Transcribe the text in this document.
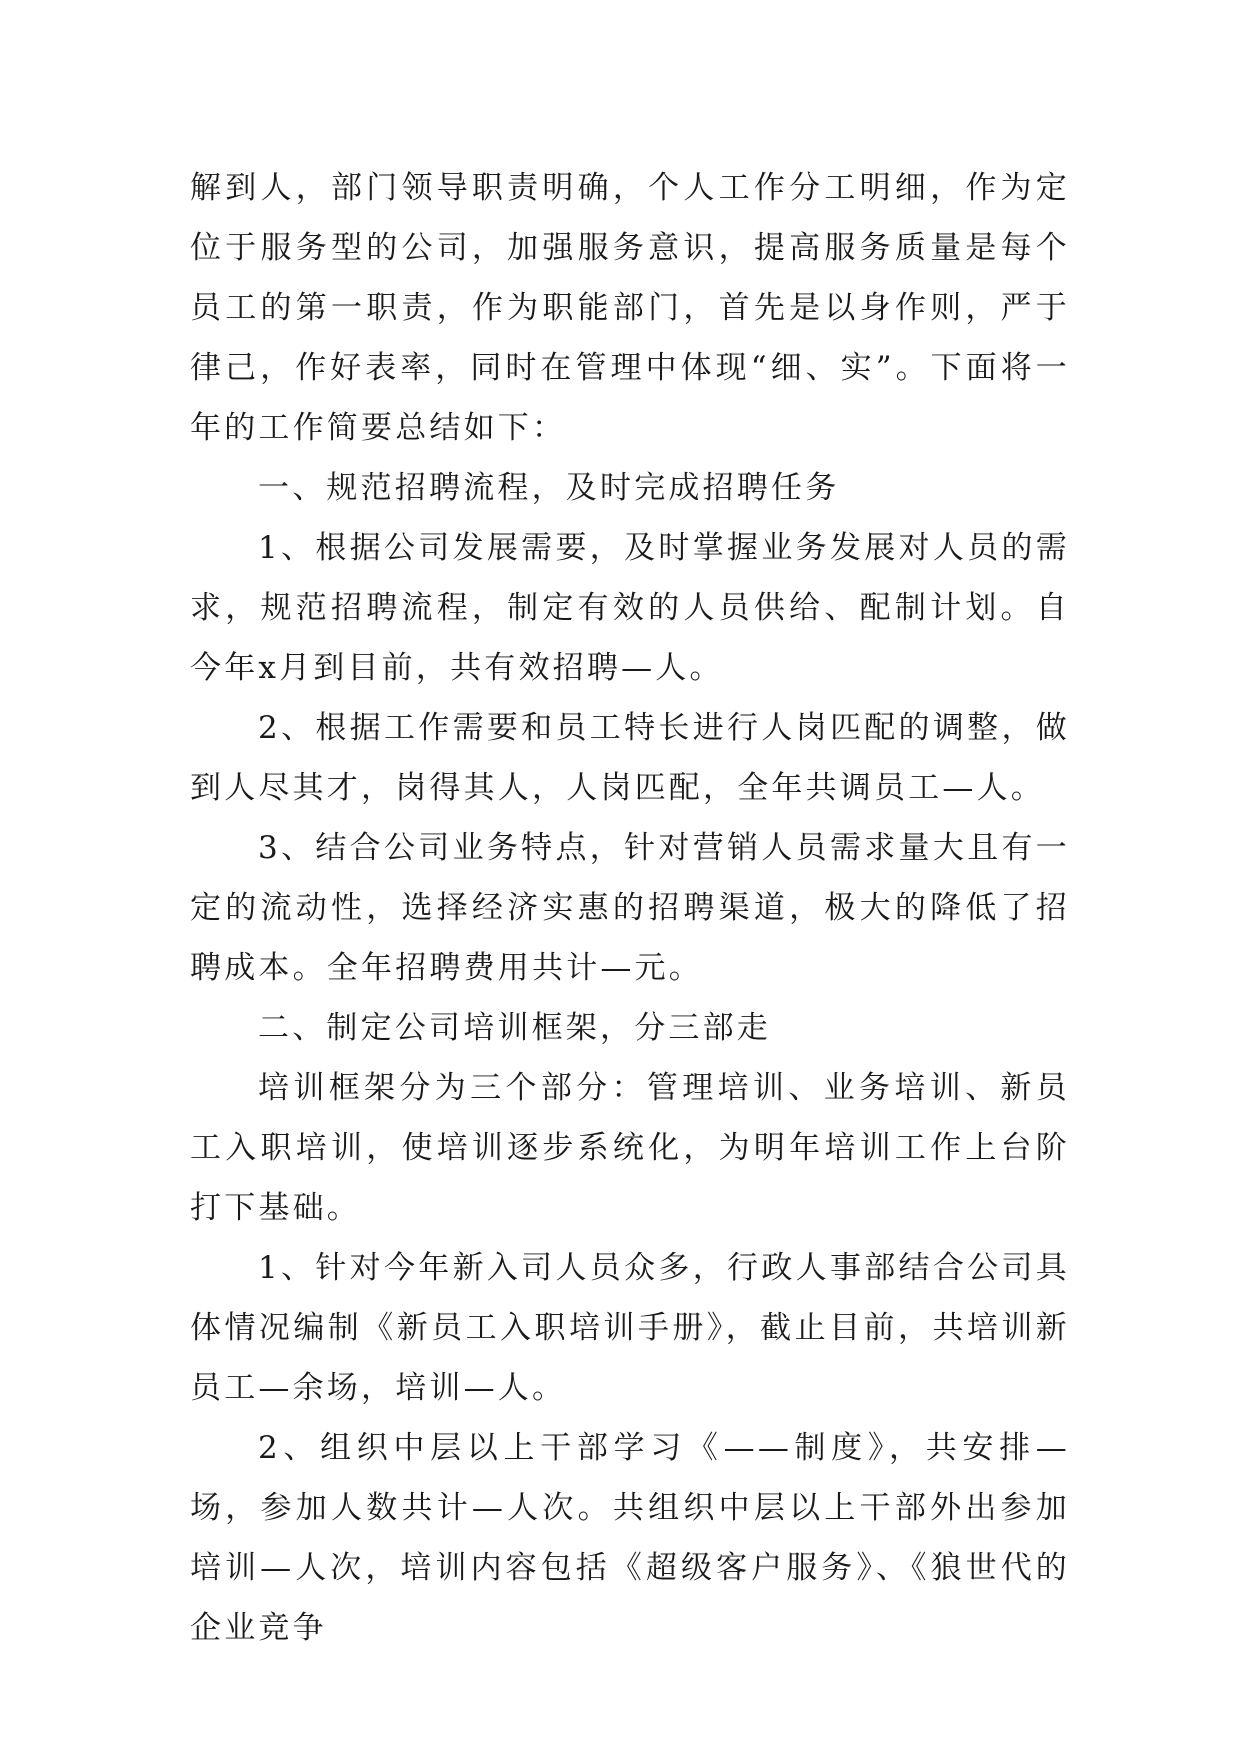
解到人，部门领导职责明确，个人工作分工明细，作为定位于服务型的公司，加强服务意识，提高服务质量是每个员工的第一职责，作为职能部门，首先是以身作则，严于律己，作好表率，同时在管理中体现“细、实”。下面将一年的工作简要总结如下：

一、规范招聘流程，及时完成招聘任务

1、根据公司发展需要，及时掌握业务发展对人员的需求，规范招聘流程，制定有效的人员供给、配制计划。自今年x月到目前，共有效招聘—人。

2、根据工作需要和员工特长进行人岗匹配的调整，做到人尽其才，岗得其人，人岗匹配，全年共调员工—人。

3、结合公司业务特点，针对营销人员需求量大且有一定的流动性，选择经济实惠的招聘渠道，极大的降低了招聘成本。全年招聘费用共计—元。

二、制定公司培训框架，分三部走

培训框架分为三个部分：管理培训、业务培训、新员工入职培训，使培训逐步系统化，为明年培训工作上台阶打下基础。

1、针对今年新入司人员众多，行政人事部结合公司具体情况编制《新员工入职培训手册》，截止目前，共培训新员工—余场，培训—人。

2、组织中层以上干部学习《——制度》，共安排—场，参加人数共计—人次。共组织中层以上干部外出参加培训—人次，培训内容包括《超级客户服务》、《狼世代的企业竞争
